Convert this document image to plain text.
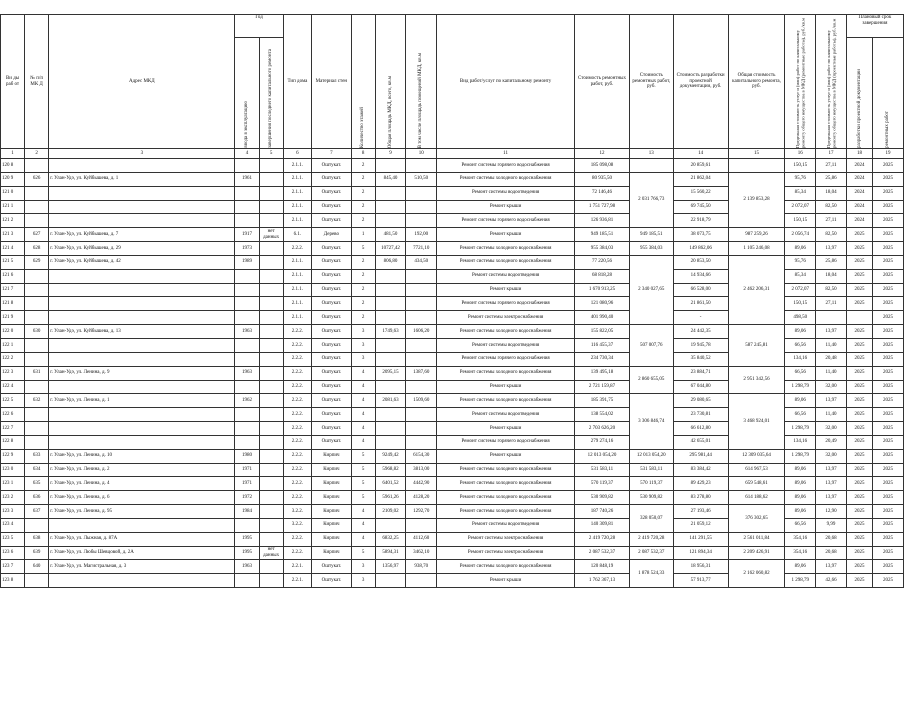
Ви ды раб от	№ п/п МК Д	Адрес МКД	Год		Тип дома	Материал стен	Количество этажей	Общая площадь МКД, всего, кв.м	В том числе площадь помещений МКД, кв.м	Вид работ/услуг по капитальному ремонту	Стоимость ремонтных работ, руб.	Стоимость ремонтных работ, руб.	Стоимость разработки проектной документации, руб.	Общая стоимость капитального ремонта, руб.	Предельная стоимость услуг и (или) работ по капитальному ремонту общего имущества в МКД (ремонтные работы), руб./кв.м	Предельная стоимость услуг и (или) работ по капитальному ремонту общего имущества в МКД (проектные работы), руб./кв.м	Плановый срок завершения	

			ввода в эксплуатацию	завершения последнего капитального ремонта													разработки проектной документации	ремонтных работ

1	2	3	4	5	6	7	8	9	10	11	12	13	14	15	16	17	18	19
120 8					2.1.1.	Оштукат.	2			Ремонт системы горячего водоснабжения	185 098,08		20 859,61		150,15	27,11	2024	2025
120 9	626	г. Улан-Удэ, ул. Куйбышева, д. 1	1961		2.1.1.	Оштукат.	2	845,40	510,50	Ремонт системы холодного водоснабжения	80 935,50	2 031 766,73	21 862,04	2 139 853,28	95,76	25,86	2024	2025
121 0					2.1.1.	Оштукат.	2			Ремонт системы водоотведения	72 146,46		15 560,22		85,34	18,04	2024	2025
121 1					2.1.1.	Оштукат.	2			Ремонт крыши	1 751 727,98		69 745,50		2 072,07	82,50	2024	2025
121 2					2.1.1.	Оштукат.	2			Ремонт системы горячего водоснабжения	126 936,81		22 918,79		150,15	27,11	2024	2025
121 3	627	г. Улан-Удэ, ул. Куйбышева, д. 7	1917	нет данных	6.1.	Дерево	1	481,50	192,00	Ремонт крыши	949 185,51	949 185,51	38 073,75	987 259,26	2 056,74	82,50	2025	2025
121 4	628	г. Улан-Удэ, ул. Куйбышева, д. 29	1973		2.2.2.	Оштукат.	5	10727,42	7721,10	Ремонт системы холодного водоснабжения	955 384,03	955 384,03	149 862,06	1 105 246,08	89,06	13,97	2025	2025
121 5	629	г. Улан-Удэ, ул. Куйбышева, д. 42	1989		2.1.1.	Оштукат.	2	806,80	434,50	Ремонт системы холодного водоснабжения	77 220,56	2 340 027,65	20 853,50	2 462 206,31	95,76	25,86	2025	2025
121 6					2.1.1.	Оштукат.	2			Ремонт системы водоотведения	68 818,28		14 934,66		85,34	18,04	2025	2025
121 7					2.1.1.	Оштукат.	2			Ремонт крыши	1 670 913,25		66 528,00		2 072,07	82,50	2025	2025
121 8					2.1.1.	Оштукат.	2			Ремонт системы горячего водоснабжения	121 080,96		21 861,50		150,15	27,11	2025	2025
121 9					2.1.1.	Оштукат.	2			Ремонт системы электроснабжения	401 990,40		-		498,50			2025
122 0	630	г. Улан-Удэ, ул. Куйбышева, д. 13	1963		2.2.2.	Оштукат.	3	1749,63	1606,20	Ремонт системы холодного водоснабжения	155 822,05	507 007,76	24 442,35	587 245,81	89,06	13,97	2025	2025
122 1					2.2.2.	Оштукат.	3			Ремонт системы водоотведения	116 455,37		19 945,78		66,56	11,40	2025	2025
122 2					2.2.2.	Оштукат.	3			Ремонт системы горячего водоснабжения	234 730,34		35 840,52		134,16	20,48	2025	2025
122 3	631	г. Улан-Удэ, ул. Ленина, д. 9	1963		2.2.2.	Оштукат.	4	2095,15	1387,60	Ремонт системы холодного водоснабжения	139 495,18	2 860 655,05	23 884,71	2 951 342,56	66,56	11,40	2025	2025
122 4					2.2.2.	Оштукат.	4			Ремонт крыши	2 721 159,87		67 044,80		1 298,79	32,00	2025	2025
122 5	632	г. Улан-Удэ, ул. Ленина, д. 1	1962		2.2.2.	Оштукат.	4	2081,63	1509,60	Ремонт системы холодного водоснабжения	185 391,75	3 306 846,74	29 080,65	3 468 924,01	89,06	13,97	2025	2025
122 6					2.2.2.	Оштукат.	4			Ремонт системы водоотведения	138 554,02		23 730,81		66,56	11,40	2025	2025
122 7					2.2.2.	Оштукат.	4			Ремонт крыши	2 703 626,20		66 612,80		1 298,79	32,00	2025	2025
122 8					2.2.2.	Оштукат.	4			Ремонт системы горячего водоснабжения	279 274,16		42 655,01		134,16	20,49	2025	2025
122 9	633	г. Улан-Удэ, ул. Ленина, д. 10	1980		2.2.2.	Кирпич	5	9249,42	6154,30	Ремонт крыши	12 013 054,20	12 013 054,20	295 981,44	12 309 035,64	1 298,79	32,00	2025	2025
123 0	634	г. Улан-Удэ, ул. Ленина, д. 2	1971		2.2.2.	Кирпич	5	5968,82	3813,00	Ремонт системы холодного водоснабжения	531 583,11	531 583,11	83 384,42	614 967,53	89,06	13,97	2025	2025
123 1	635	г. Улан-Удэ, ул. Ленина, д. 4	1971		2.2.2.	Кирпич	5	6401,52	4442,90	Ремонт системы холодного водоснабжения	570 119,37	570 119,37	89 429,23	659 548,61	89,06	13,97	2025	2025
123 2	636	г. Улан-Удэ, ул. Ленина, д. 6	1972		2.2.2.	Кирпич	5	5961,26	4128,20	Ремонт системы холодного водоснабжения	530 909,82	530 909,82	83 278,80	614 188,62	89,06	13,97	2025	2025
123 3	637	г. Улан-Удэ, ул. Ленина, д. 95	1984		3.2.2.	Кирпич	4	2109,02	1292,70	Ремонт системы холодного водоснабжения	187 740,26	328 050,07	27 193,46	376 302,65	89,06	12,90	2025	2025
123 4					3.2.2.	Кирпич	4			Ремонт системы водоотведения	140 309,81		21 059,12		66,56	9,99	2025	2025
123 5	638	г. Улан-Удэ, ул. Лыжная, д. 87А	1995		2.2.2.	Кирпич	4	6832,25	4112,60	Ремонт системы электроснабжения	2 419 720,28	2 419 720,28	141 291,55	2 561 011,84	354,16	20,68	2025	2025
123 6	639	г. Улан-Удэ, ул. Любы Шевцовой, д. 2А	1995	нет данных	2.2.2.	Кирпич	5	5894,31	3462,10	Ремонт системы электроснабжения	2 087 532,37	2 087 532,37	121 894,34	2 209 426,91	354,16	20,68	2025	2025
123 7	640	г. Улан-Удэ, ул. Магистральная, д. 3	1963		2.2.1.	Оштукат.	3	1356,97	938,70	Ремонт системы холодного водоснабжения	120 848,19	1 878 524,33	18 956,31	2 162 060,82	89,06	13,97	2025	2025
123 8					2.2.1.	Оштукат.	3			Ремонт крыши	1 762 367,13		57 913,77		1 298,79	42,66	2025	2025
